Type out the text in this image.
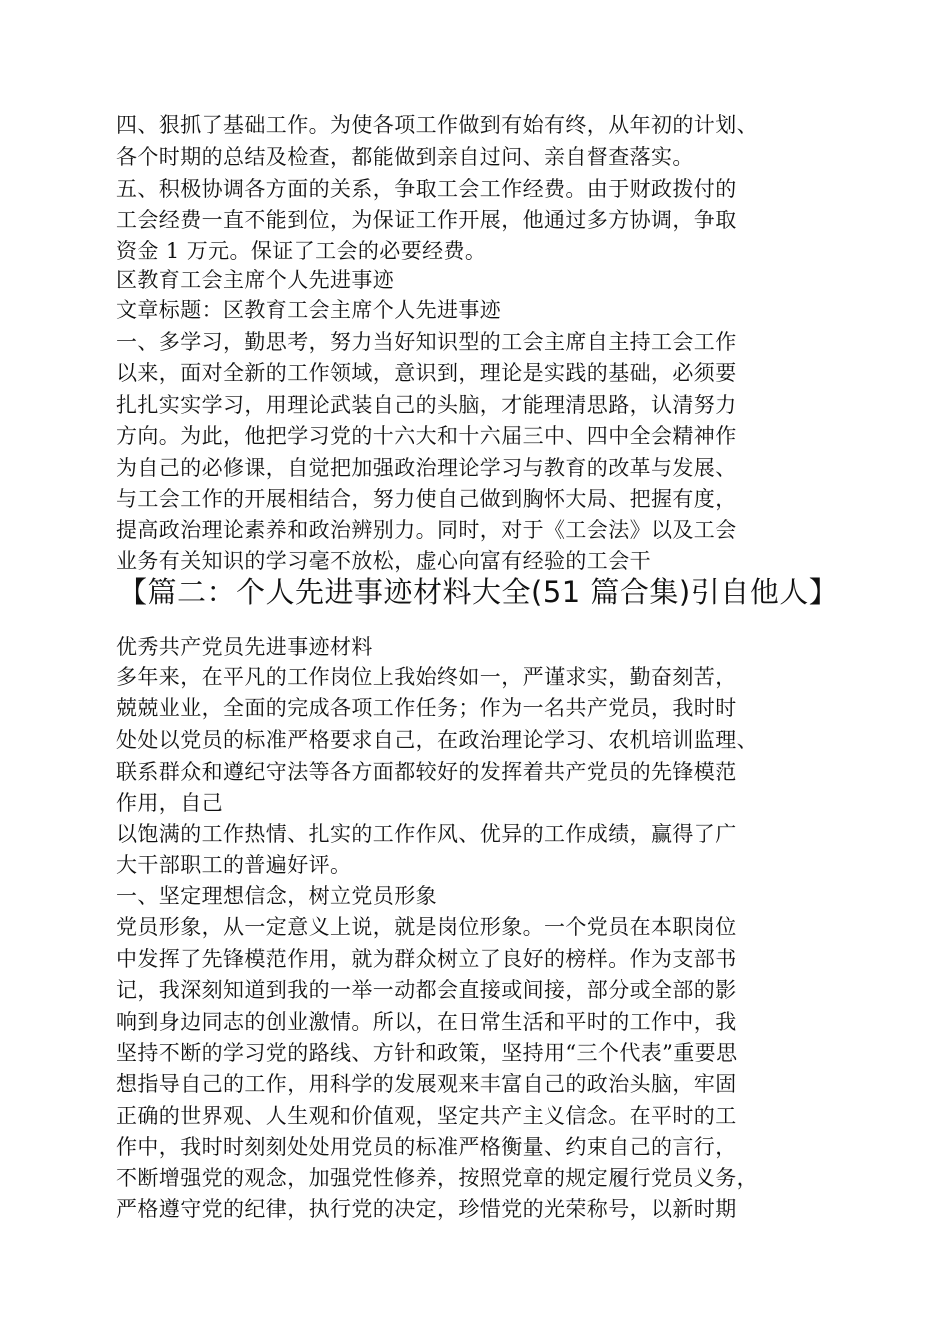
四、狠抓了基础工作。为使各项工作做到有始有终，从年初的计划、
各个时期的总结及检查，都能做到亲自过问、亲自督查落实。
五、积极协调各方面的关系，争取工会工作经费。由于财政拨付的
工会经费一直不能到位，为保证工作开展，他通过多方协调，争取
资金 1 万元。保证了工会的必要经费。
区教育工会主席个人先进事迹
文章标题：区教育工会主席个人先进事迹
一、多学习，勤思考，努力当好知识型的工会主席自主持工会工作
以来，面对全新的工作领域，意识到，理论是实践的基础，必须要
扎扎实实学习，用理论武装自己的头脑，才能理清思路，认清努力
方向。为此，他把学习党的十六大和十六届三中、四中全会精神作
为自己的必修课，自觉把加强政治理论学习与教育的改革与发展、
与工会工作的开展相结合，努力使自己做到胸怀大局、把握有度，
提高政治理论素养和政治辨别力。同时，对于《工会法》以及工会
业务有关知识的学习毫不放松，虚心向富有经验的工会干
【篇二：个人先进事迹材料大全(51 篇合集)引自他人】
优秀共产党员先进事迹材料
多年来，在平凡的工作岗位上我始终如一，严谨求实，勤奋刻苦，
兢兢业业，全面的完成各项工作任务；作为一名共产党员，我时时
处处以党员的标准严格要求自己，在政治理论学习、农机培训监理、
联系群众和遵纪守法等各方面都较好的发挥着共产党员的先锋模范
作用，自己
以饱满的工作热情、扎实的工作作风、优异的工作成绩，赢得了广
大干部职工的普遍好评。
一、坚定理想信念，树立党员形象
党员形象，从一定意义上说，就是岗位形象。一个党员在本职岗位
中发挥了先锋模范作用，就为群众树立了良好的榜样。作为支部书
记，我深刻知道到我的一举一动都会直接或间接，部分或全部的影
响到身边同志的创业激情。所以，在日常生活和平时的工作中，我
坚持不断的学习党的路线、方针和政策，坚持用“三个代表”重要思
想指导自己的工作，用科学的发展观来丰富自己的政治头脑，牢固
正确的世界观、人生观和价值观，坚定共产主义信念。在平时的工
作中，我时时刻刻处处用党员的标准严格衡量、约束自己的言行，
不断增强党的观念，加强党性修养，按照党章的规定履行党员义务，
严格遵守党的纪律，执行党的决定，珍惜党的光荣称号，以新时期
